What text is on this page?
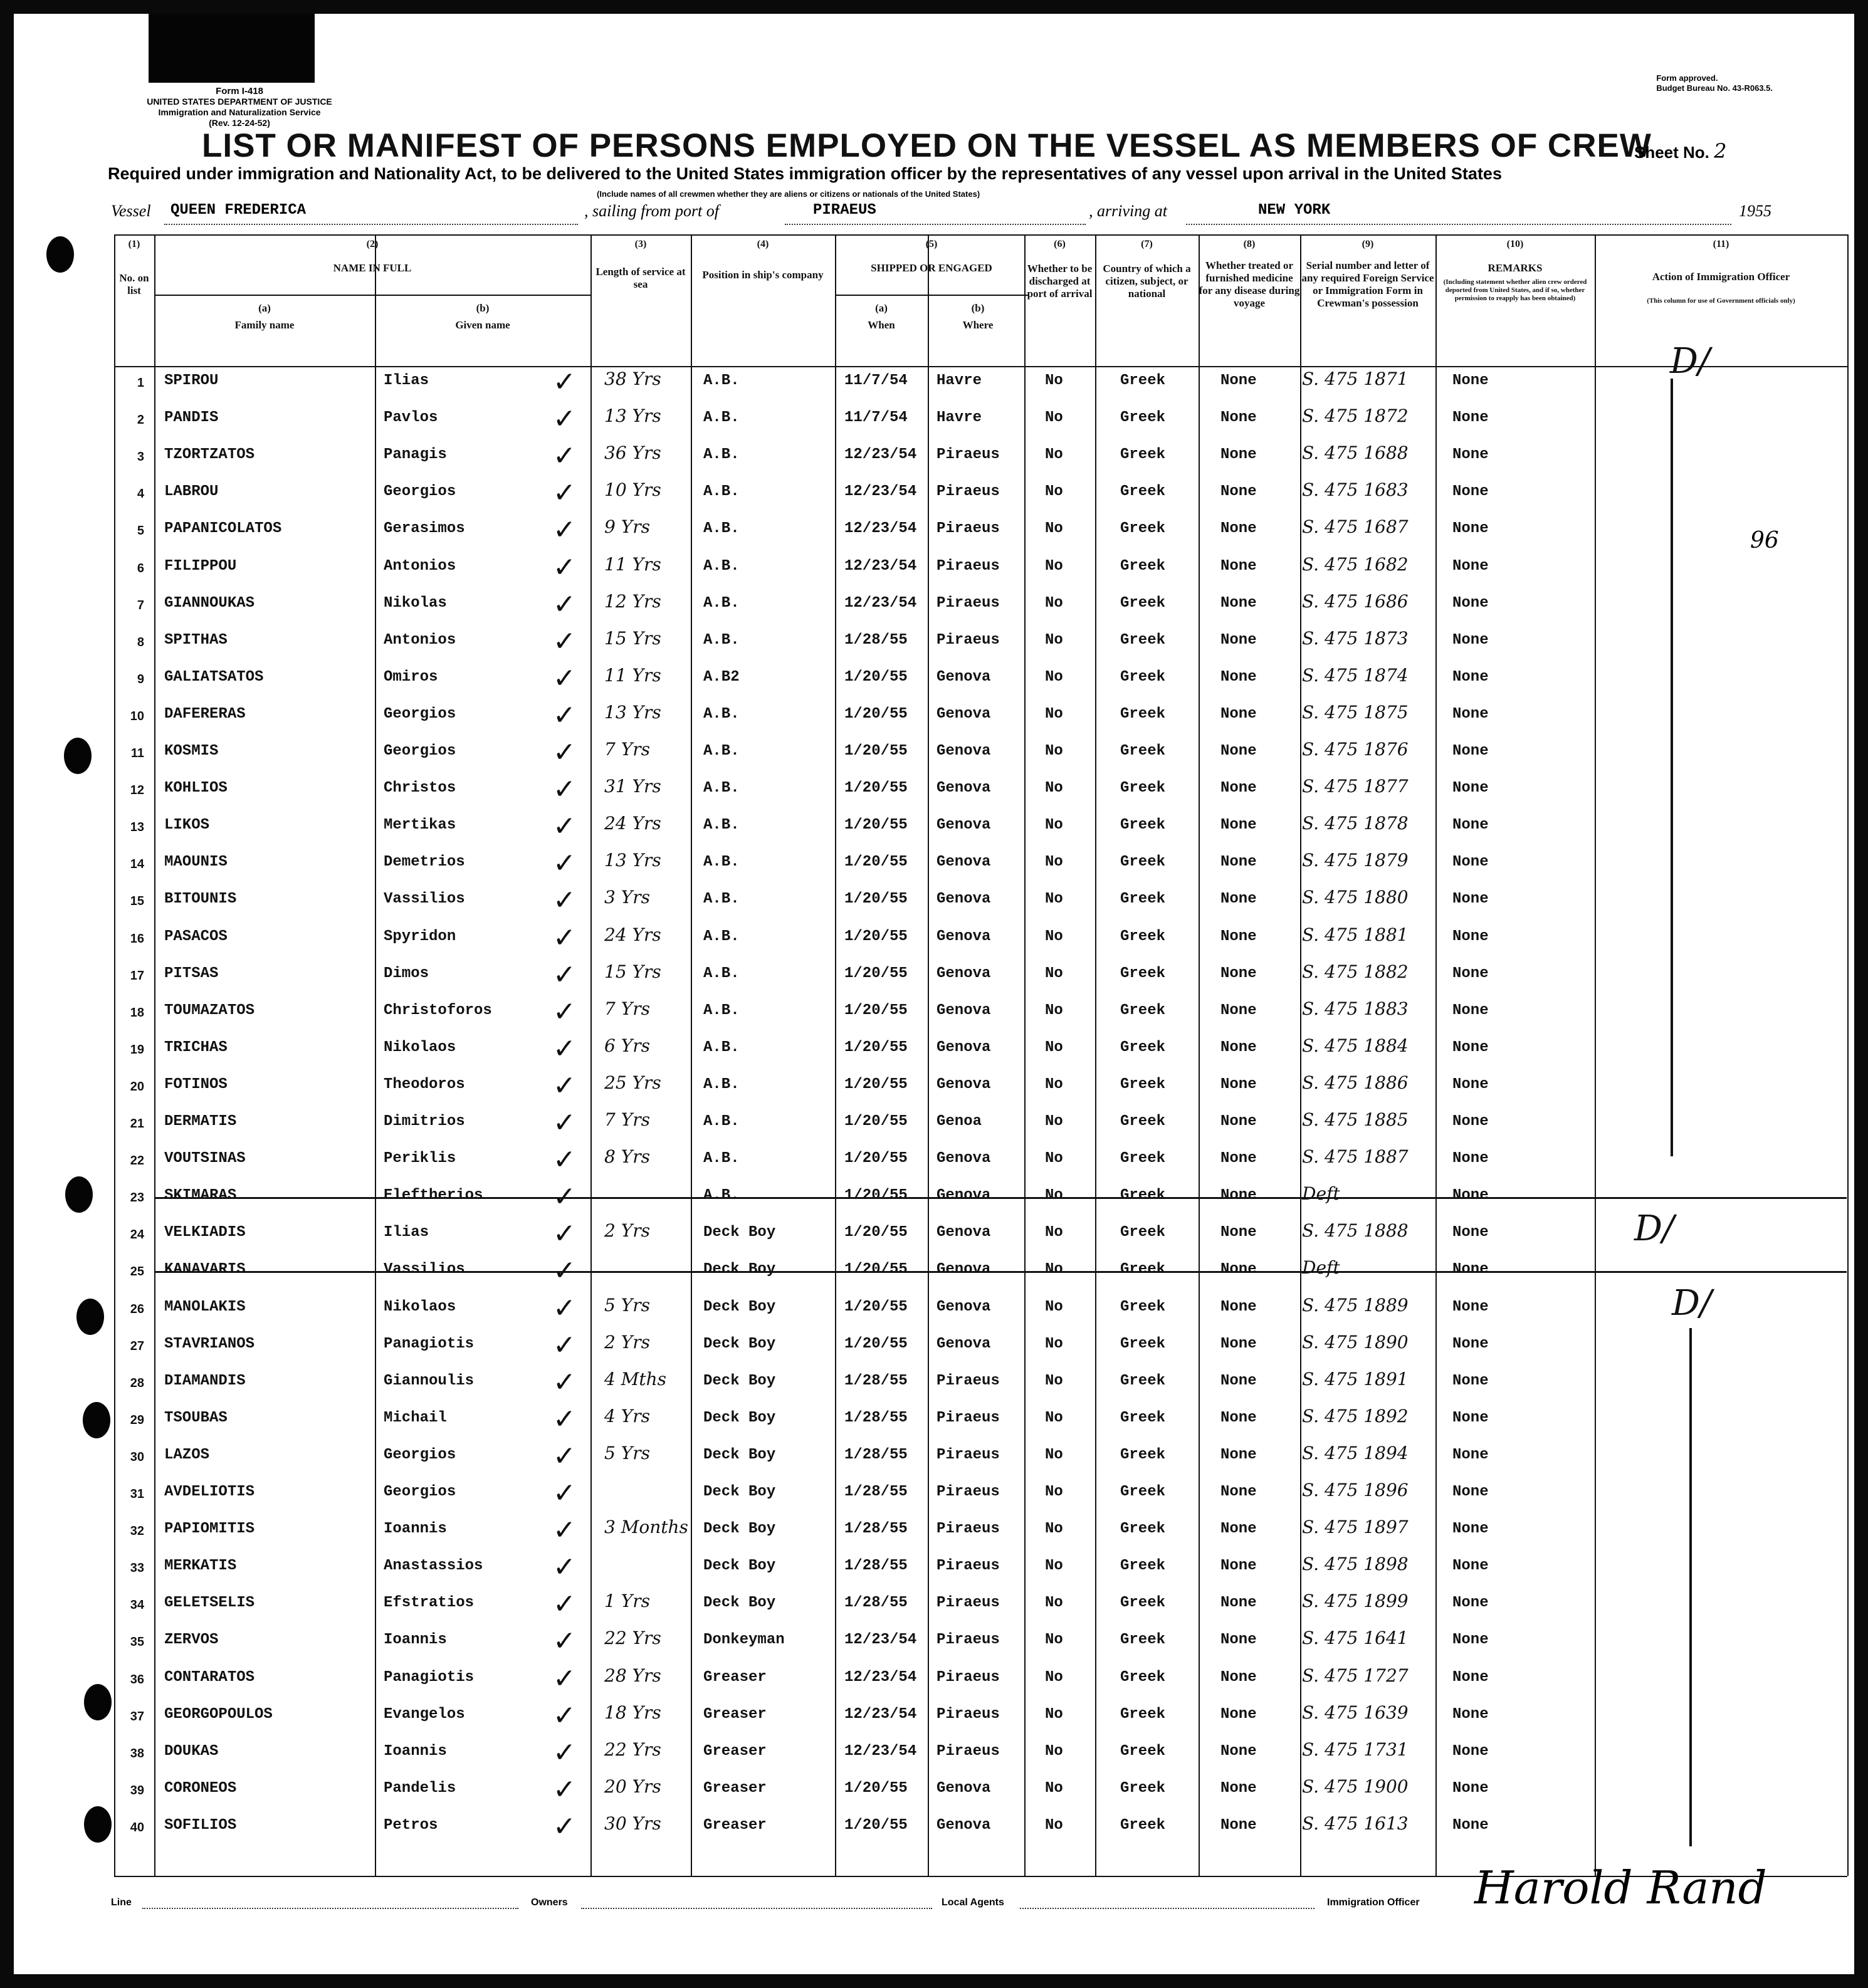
Form I-418
UNITED STATES DEPARTMENT OF JUSTICE
Immigration and Naturalization Service
(Rev. 12-24-52)
Form approved.
Budget Bureau No. 43-R063.5.
LIST OR MANIFEST OF PERSONS EMPLOYED ON THE VESSEL AS MEMBERS OF CREW
Sheet No. 2
Required under immigration and Nationality Act, to be delivered to the United States immigration officer by the representatives of any vessel upon arrival in the United States
(Include names of all crewmen whether they are aliens or citizens or nationals of the United States)
Vessel QUEEN FREDERICA	, sailing from port of	PIRAEUS	, arriving at	NEW YORK	1955
(1)	(2)	(3)	(4)	(5)	(6)	(7)	(8)	(9)	(10)	(11)
No. on list
NAME IN FULL
(a)
Family name
(b)
Given name
Length of service at sea
Position in ship's company
SHIPPED OR ENGAGED
(a)
When
(b)
Where
Whether to be discharged at port of arrival
Country of which a citizen, subject, or national
Whether treated or furnished medicine for any disease during voyage
Serial number and letter of any required Foreign Service or Immigration Form in Crewman's possession
REMARKS
(Including statement whether alien crew ordered deported from United States, and if so, whether permission to reapply has been obtained)
Action of Immigration Officer
(This column for use of Government officials only)
1 SPIROU	Ilias	✓ 38 Yrs	A.B.	11/7/54 Havre	No	Greek	None	S. 475 1871	None
2 PANDIS	Pavlos	✓ 13 Yrs	A.B.	11/7/54 Havre	No	Greek	None	S. 475 1872	None
3 TZORTZATOS	Panagis	✓ 36 Yrs	A.B.	12/23/54 Piraeus	No	Greek	None	S. 475 1688	None
4 LABROU	Georgios	✓ 10 Yrs	A.B.	12/23/54 Piraeus	No	Greek	None	S. 475 1683	None
5 PAPANICOLATOS	Gerasimos	✓ 9 Yrs	A.B.	12/23/54 Piraeus	No	Greek	None	S. 475 1687	None
6 FILIPPOU	Antonios	✓ 11 Yrs	A.B.	12/23/54 Piraeus	No	Greek	None	S. 475 1682	None
7 GIANNOUKAS	Nikolas	✓ 12 Yrs	A.B.	12/23/54 Piraeus	No	Greek	None	S. 475 1686	None
8 SPITHAS	Antonios	✓ 15 Yrs	A.B.	1/28/55 Piraeus	No	Greek	None	S. 475 1873	None
9 GALIATSATOS	Omiros	✓ 11 Yrs	A.B2	1/20/55 Genova	No	Greek	None	S. 475 1874	None
10 DAFERERAS	Georgios	✓ 13 Yrs	A.B.	1/20/55 Genova	No	Greek	None	S. 475 1875	None
11 KOSMIS	Georgios	✓ 7 Yrs	A.B.	1/20/55 Genova	No	Greek	None	S. 475 1876	None
12 KOHLIOS	Christos	✓ 31 Yrs	A.B.	1/20/55 Genova	No	Greek	None	S. 475 1877	None
13 LIKOS	Mertikas	✓ 24 Yrs	A.B.	1/20/55 Genova	No	Greek	None	S. 475 1878	None
14 MAOUNIS	Demetrios	✓ 13 Yrs	A.B.	1/20/55 Genova	No	Greek	None	S. 475 1879	None
15 BITOUNIS	Vassilios	✓ 3 Yrs	A.B.	1/20/55 Genova	No	Greek	None	S. 475 1880	None
16 PASACOS	Spyridon	✓ 24 Yrs	A.B.	1/20/55 Genova	No	Greek	None	S. 475 1881	None
17 PITSAS	Dimos	✓ 15 Yrs	A.B.	1/20/55 Genova	No	Greek	None	S. 475 1882	None
18 TOUMAZATOS	Christoforos ✓ 7 Yrs	A.B.	1/20/55 Genova	No	Greek	None	S. 475 1883	None
19 TRICHAS	Nikolaos	✓ 6 Yrs	A.B.	1/20/55 Genova	No	Greek	None	S. 475 1884	None
20 FOTINOS	Theodoros	✓ 25 Yrs	A.B.	1/20/55 Genova	No	Greek	None	S. 475 1886	None
21 DERMATIS	Dimitrios	✓ 7 Yrs	A.B.	1/20/55 Genoa	No	Greek	None	S. 475 1885	None
22 VOUTSINAS	Periklis	✓ 8 Yrs	A.B.	1/20/55 Genova	No	Greek	None	S. 475 1887	None
23 SKIMARAS	Eleftherios	✓	A.B.	1/20/55 Genova	No	Greek	None	Deft	None
24 VELKIADIS	Ilias	✓ 2 Yrs	Deck Boy	1/20/55 Genova	No	Greek	None	S. 475 1888	None
25 KANAVARIS	Vassilios	✓	Deck Boy	1/20/55 Genova	No	Greek	None	Deft	None
26 MANOLAKIS	Nikolaos	✓ 5 Yrs	Deck Boy	1/20/55 Genova	No	Greek	None	S. 475 1889	None
27 STAVRIANOS	Panagiotis	✓ 2 Yrs	Deck Boy	1/20/55 Genova	No	Greek	None	S. 475 1890	None
28 DIAMANDIS	Giannoulis	✓ 4 Mths Deck Boy	1/28/55 Piraeus	No	Greek	None	S. 475 1891	None
29 TSOUBAS	Michail	✓ 4 Yrs	Deck Boy	1/28/55 Piraeus	No	Greek	None	S. 475 1892	None
30 LAZOS	Georgios	✓ 5 Yrs	Deck Boy	1/28/55 Piraeus	No	Greek	None	S. 475 1894	None
31 AVDELIOTIS	Georgios	✓	Deck Boy	1/28/55 Piraeus	No	Greek	None	S. 475 1896	None
32 PAPIOMITIS	Ioannis	✓ 3 Months Deck Boy	1/28/55 Piraeus	No	Greek	None	S. 475 1897	None
33 MERKATIS	Anastassios	✓	Deck Boy	1/28/55 Piraeus	No	Greek	None	S. 475 1898	None
34 GELETSELIS	Efstratios	✓ 1 Yrs	Deck Boy	1/28/55 Piraeus	No	Greek	None	S. 475 1899	None
35 ZERVOS	Ioannis	✓ 22 Yrs	Donkeyman	12/23/54 Piraeus	No	Greek	None	S. 475 1641	None
36 CONTARATOS	Panagiotis	✓ 28 Yrs	Greaser	12/23/54 Piraeus	No	Greek	None	S. 475 1727	None
37 GEORGOPOULOS	Evangelos	✓ 18 Yrs	Greaser	12/23/54 Piraeus	No	Greek	None	S. 475 1639	None
38 DOUKAS	Ioannis	✓ 22 Yrs	Greaser	12/23/54 Piraeus	No	Greek	None	S. 475 1731	None
39 CORONEOS	Pandelis	✓ 20 Yrs	Greaser	1/20/55 Genova	No	Greek	None	S. 475 1900	None
40 SOFILIOS	Petros	✓ 30 Yrs	Greaser	1/20/55 Genova	No	Greek	None	S. 475 1613	None
D/
D/
D/
96
Line	Owners	Local Agents	Immigration Officer Harold Rand
